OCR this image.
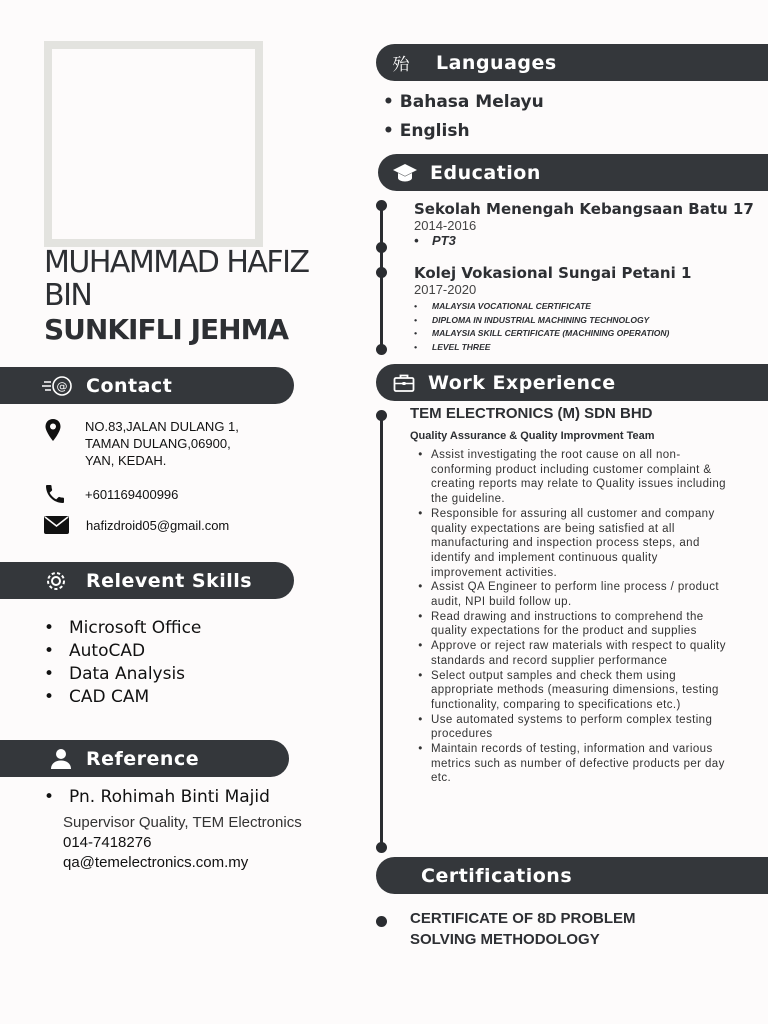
MUHAMMAD HAFIZ
BIN
SUNKIFLI JEHMA
@ Contact
NO.83,JALAN DULANG 1,
TAMAN DULANG,06900,
YAN, KEDAH.
+601169400996
hafizdroid05@gmail.com
Relevent Skills
• Microsoft Office
• AutoCAD
• Data Analysis
• CAD CAM
Reference
• Pn. Rohimah Binti Majid
Supervisor Quality, TEM Electronics
014-7418276
qa@temelectronics.com.my
殆 Languages
• Bahasa Melayu
• English
Education
Sekolah Menengah Kebangsaan Batu 17
2014-2016
• PT3
Kolej Vokasional Sungai Petani 1
2017-2020
• MALAYSIA VOCATIONAL CERTIFICATE
• DIPLOMA IN INDUSTRIAL MACHINING TECHNOLOGY
• MALAYSIA SKILL CERTIFICATE (MACHINING OPERATION)
• LEVEL THREE
Work Experience
TEM ELECTRONICS (M) SDN BHD
Quality Assurance & Quality Improvment Team
• Assist investigating the root cause on all non-conforming product including customer complaint & creating reports may relate to Quality issues including the guideline.
• Responsible for assuring all customer and company quality expectations are being satisfied at all manufacturing and inspection process steps, and identify and implement continuous quality improvement activities.
• Assist QA Engineer to perform line process / product audit, NPI build follow up.
• Read drawing and instructions to comprehend the quality expectations for the product and supplies
• Approve or reject raw materials with respect to quality standards and record supplier performance
• Select output samples and check them using appropriate methods (measuring dimensions, testing functionality, comparing to specifications etc.)
• Use automated systems to perform complex testing procedures
• Maintain records of testing, information and various metrics such as number of defective products per day etc.
Certifications
CERTIFICATE OF 8D PROBLEM
SOLVING METHODOLOGY
